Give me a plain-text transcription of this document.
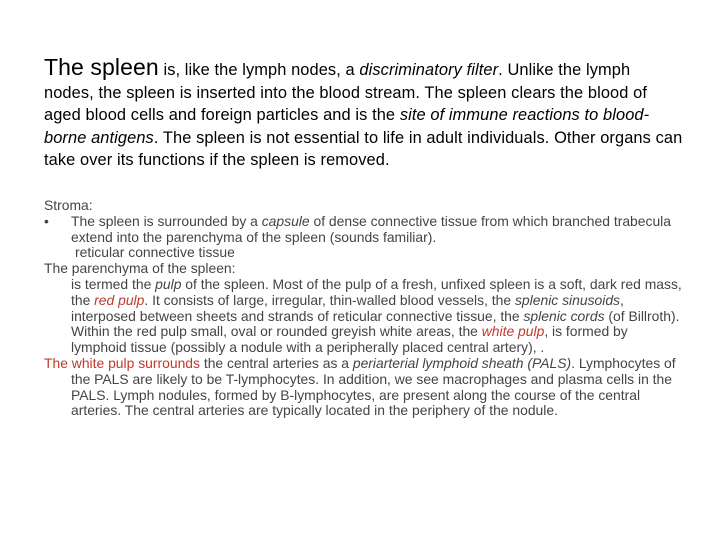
The spleen is, like the lymph nodes, a discriminatory filter. Unlike the lymph nodes, the spleen is inserted into the blood stream. The spleen clears the blood of aged blood cells and foreign particles and is the site of immune reactions to blood-borne antigens. The spleen is not essential to life in adult individuals. Other organs can take over its functions if the spleen is removed.

Stroma:

• The spleen is surrounded by a capsule of dense connective tissue from which branched trabecula extend into the parenchyma of the spleen (sounds familiar).

reticular connective tissue

The parenchyma of the spleen:

is termed the pulp of the spleen. Most of the pulp of a fresh, unfixed spleen is a soft, dark red mass, the red pulp. It consists of large, irregular, thin-walled blood vessels, the splenic sinusoids, interposed between sheets and strands of reticular connective tissue, the splenic cords (of Billroth).

Within the red pulp small, oval or rounded greyish white areas, the white pulp, is formed by lymphoid tissue (possibly a nodule with a peripherally placed central artery), .

The white pulp surrounds the central arteries as a periarterial lymphoid sheath (PALS). Lymphocytes of the PALS are likely to be T-lymphocytes. In addition, we see macrophages and plasma cells in the PALS. Lymph nodules, formed by B-lymphocytes, are present along the course of the central arteries. The central arteries are typically located in the periphery of the nodule.
